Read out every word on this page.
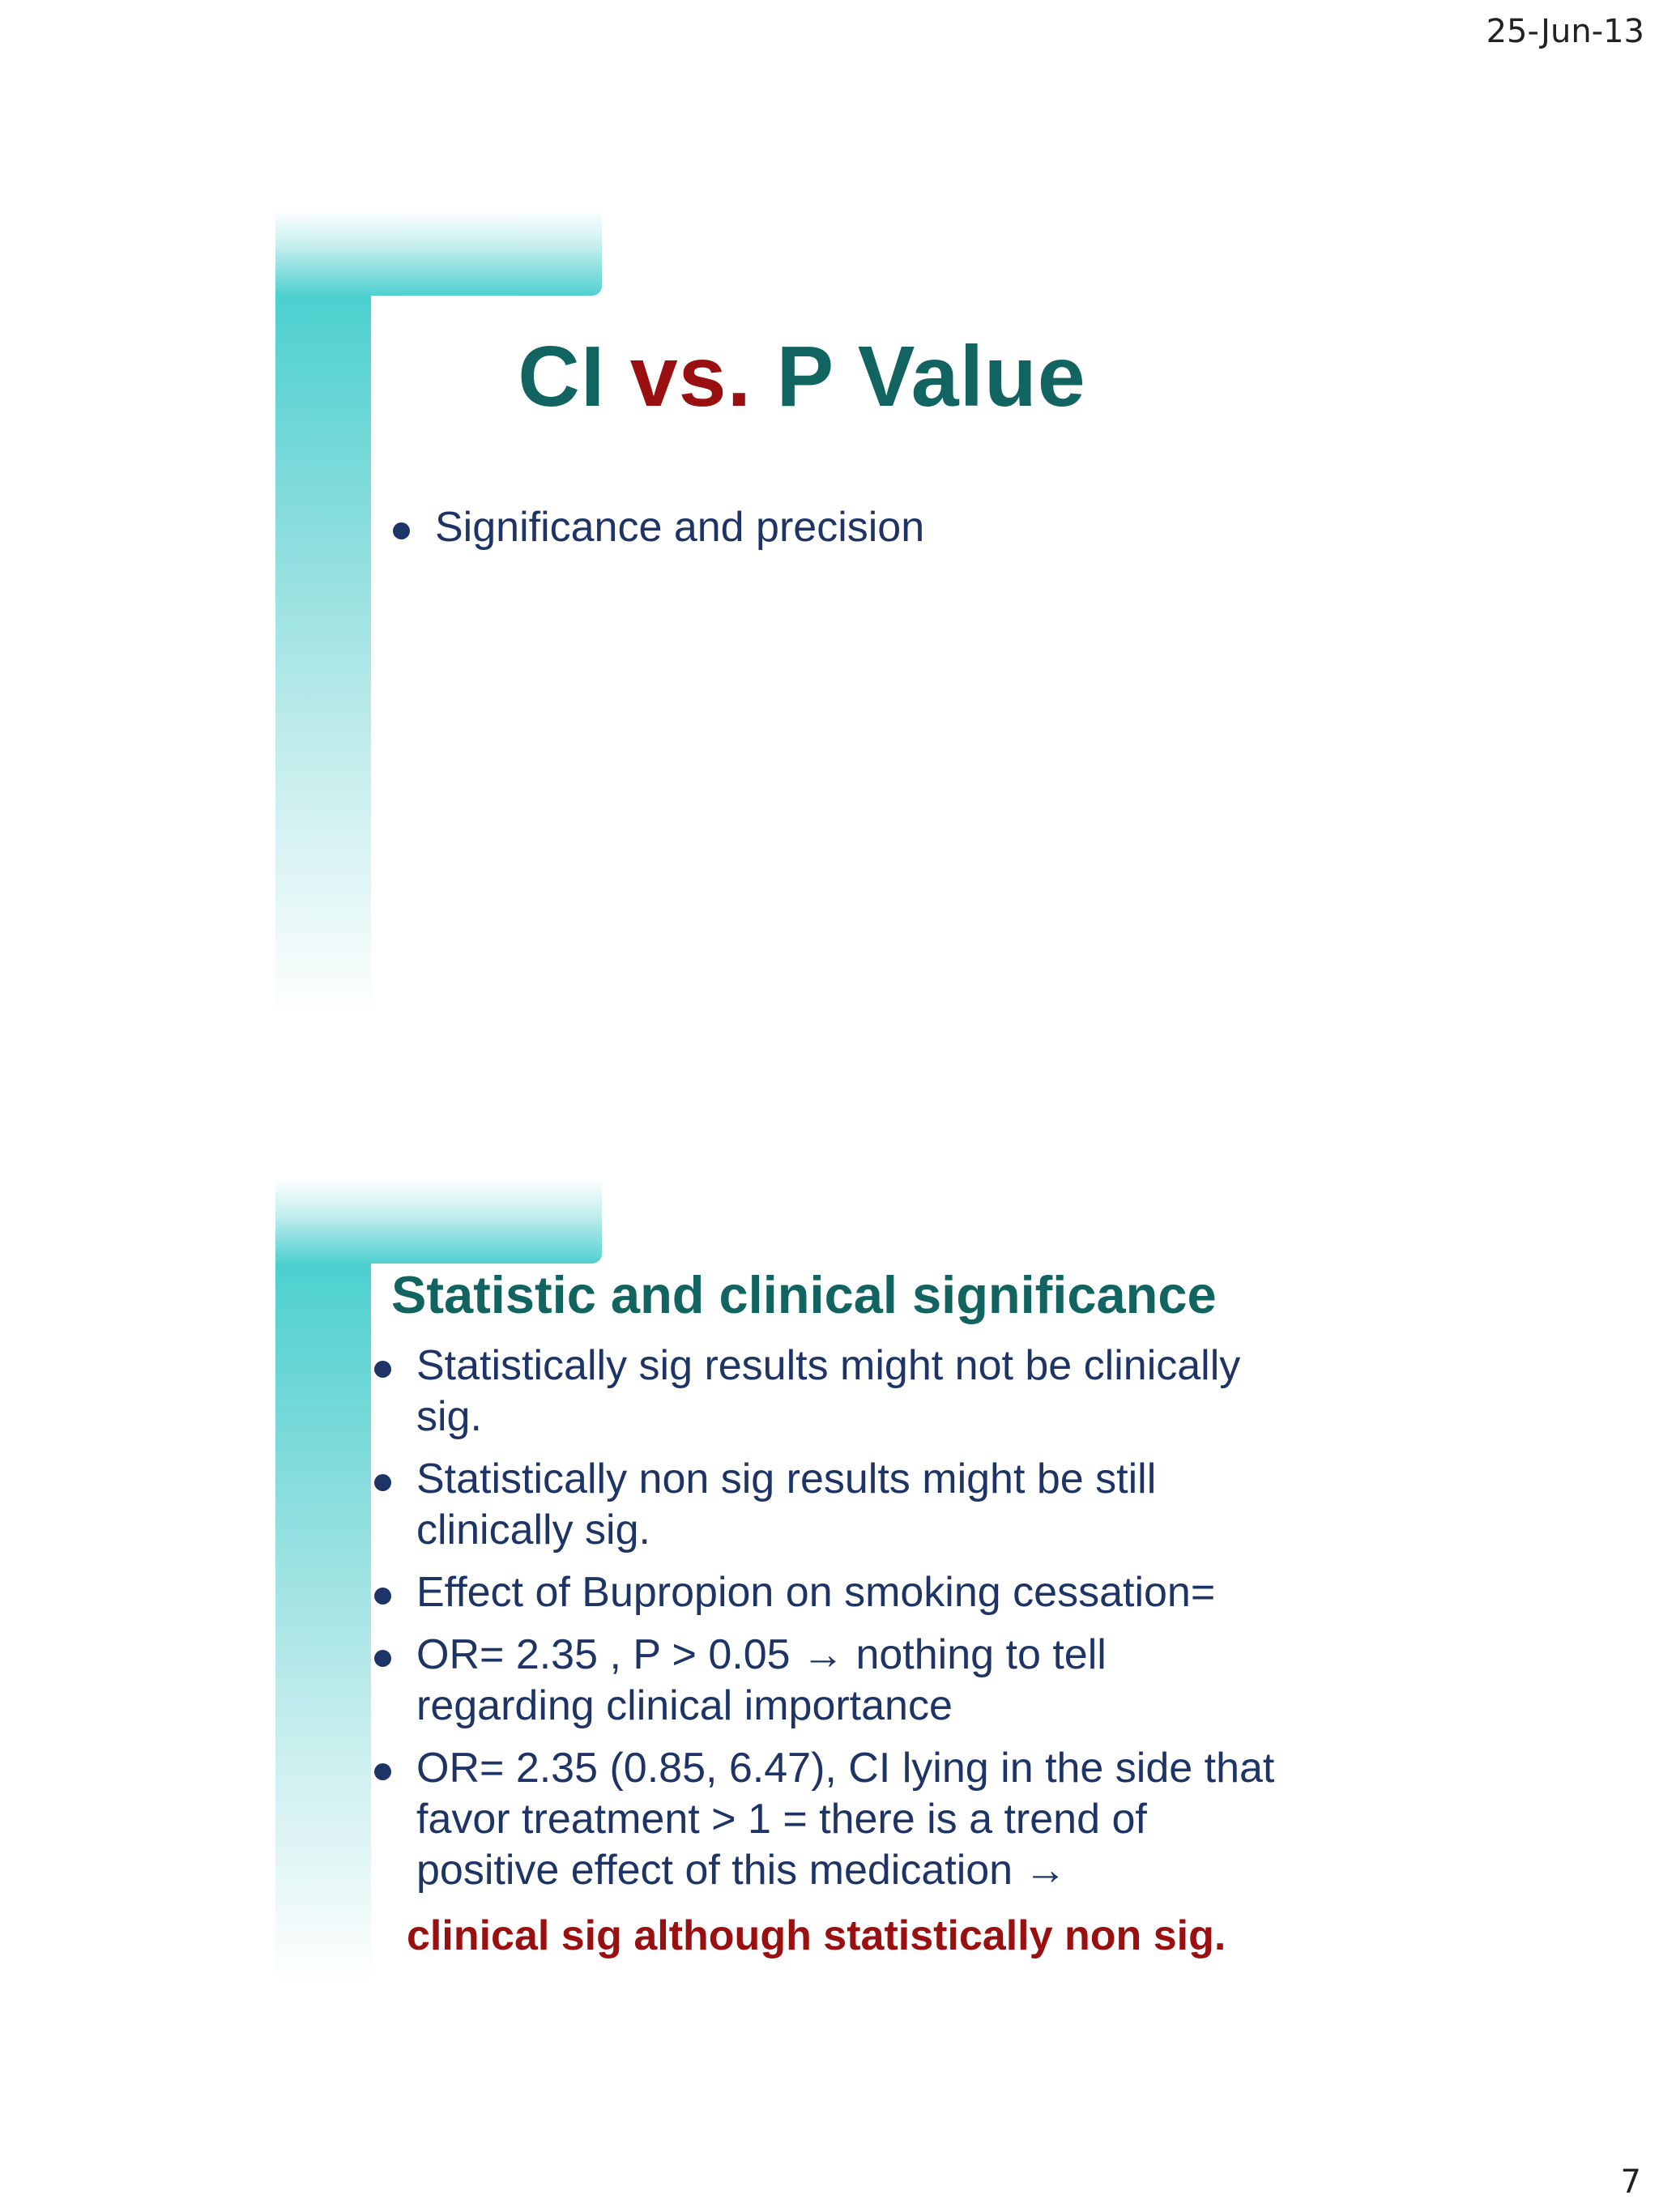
25-Jun-13
CI vs. P Value
Significance and precision
Statistic and clinical significance
Statistically sig results might not be clinically sig.
Statistically non sig results might be still clinically sig.
Effect of Bupropion on smoking cessation=
OR= 2.35 , P > 0.05 → nothing to tell regarding clinical importance
OR= 2.35 (0.85, 6.47), CI lying in the side that favor treatment > 1 = there is a trend of positive effect of this medication →
clinical sig although statistically non sig.
7
